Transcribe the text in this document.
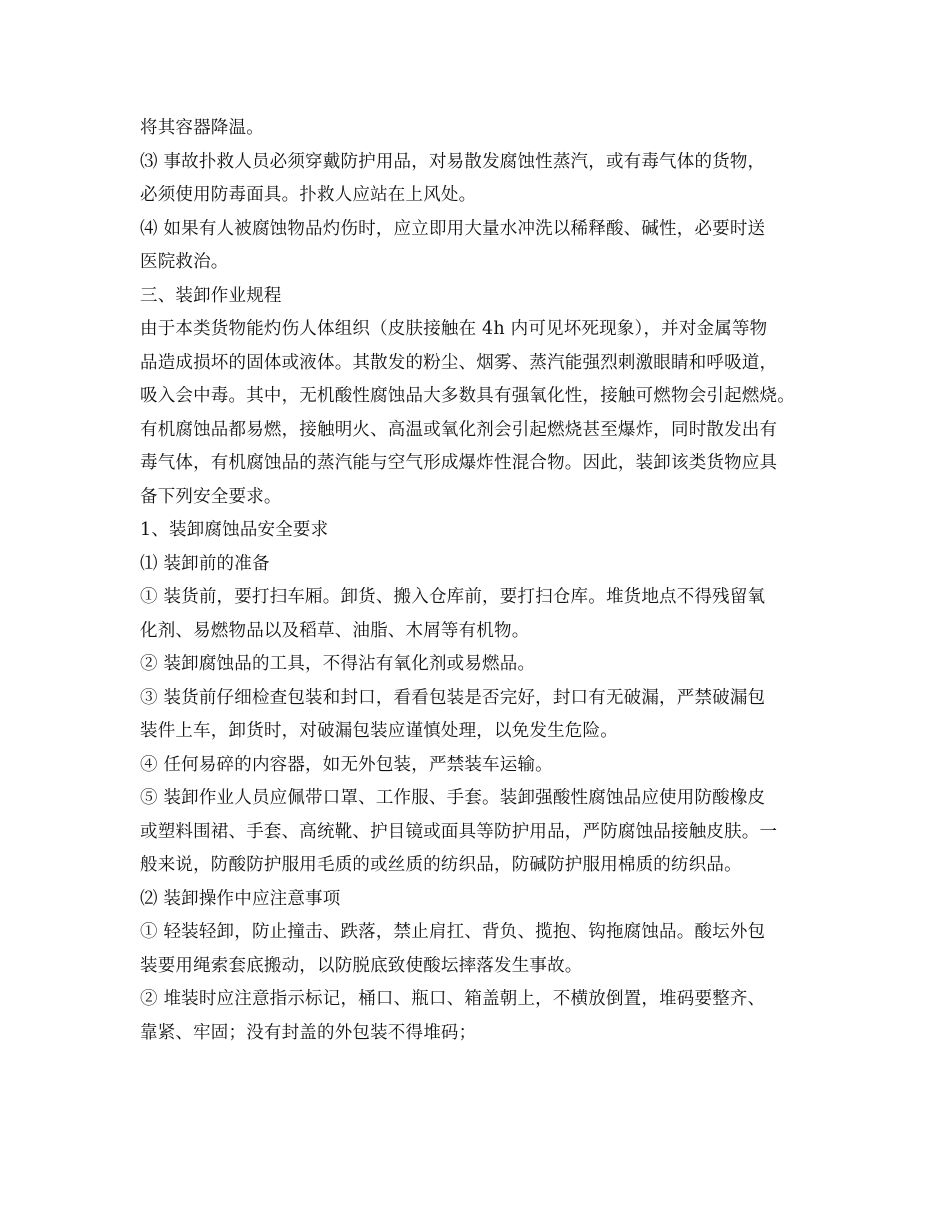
将其容器降温。
⑶ 事故扑救人员必须穿戴防护用品，对易散发腐蚀性蒸汽，或有毒气体的货物，
必须使用防毒面具。扑救人应站在上风处。
⑷ 如果有人被腐蚀物品灼伤时，应立即用大量水冲洗以稀释酸、碱性，必要时送
医院救治。
三、装卸作业规程
由于本类货物能灼伤人体组织（皮肤接触在 4h 内可见坏死现象），并对金属等物
品造成损坏的固体或液体。其散发的粉尘、烟雾、蒸汽能强烈刺激眼睛和呼吸道，
吸入会中毒。其中，无机酸性腐蚀品大多数具有强氧化性，接触可燃物会引起燃烧。
有机腐蚀品都易燃，接触明火、高温或氧化剂会引起燃烧甚至爆炸，同时散发出有
毒气体，有机腐蚀品的蒸汽能与空气形成爆炸性混合物。因此，装卸该类货物应具
备下列安全要求。
1、装卸腐蚀品安全要求
⑴ 装卸前的准备
① 装货前，要打扫车厢。卸货、搬入仓库前，要打扫仓库。堆货地点不得残留氧
化剂、易燃物品以及稻草、油脂、木屑等有机物。
② 装卸腐蚀品的工具，不得沾有氧化剂或易燃品。
③ 装货前仔细检查包装和封口，看看包装是否完好，封口有无破漏，严禁破漏包
装件上车，卸货时，对破漏包装应谨慎处理，以免发生危险。
④ 任何易碎的内容器，如无外包装，严禁装车运输。
⑤ 装卸作业人员应佩带口罩、工作服、手套。装卸强酸性腐蚀品应使用防酸橡皮
或塑料围裙、手套、高统靴、护目镜或面具等防护用品，严防腐蚀品接触皮肤。一
般来说，防酸防护服用毛质的或丝质的纺织品，防碱防护服用棉质的纺织品。
⑵ 装卸操作中应注意事项
① 轻装轻卸，防止撞击、跌落，禁止肩扛、背负、揽抱、钩拖腐蚀品。酸坛外包
装要用绳索套底搬动，以防脱底致使酸坛摔落发生事故。
② 堆装时应注意指示标记，桶口、瓶口、箱盖朝上，不横放倒置，堆码要整齐、
靠紧、牢固；没有封盖的外包装不得堆码；
